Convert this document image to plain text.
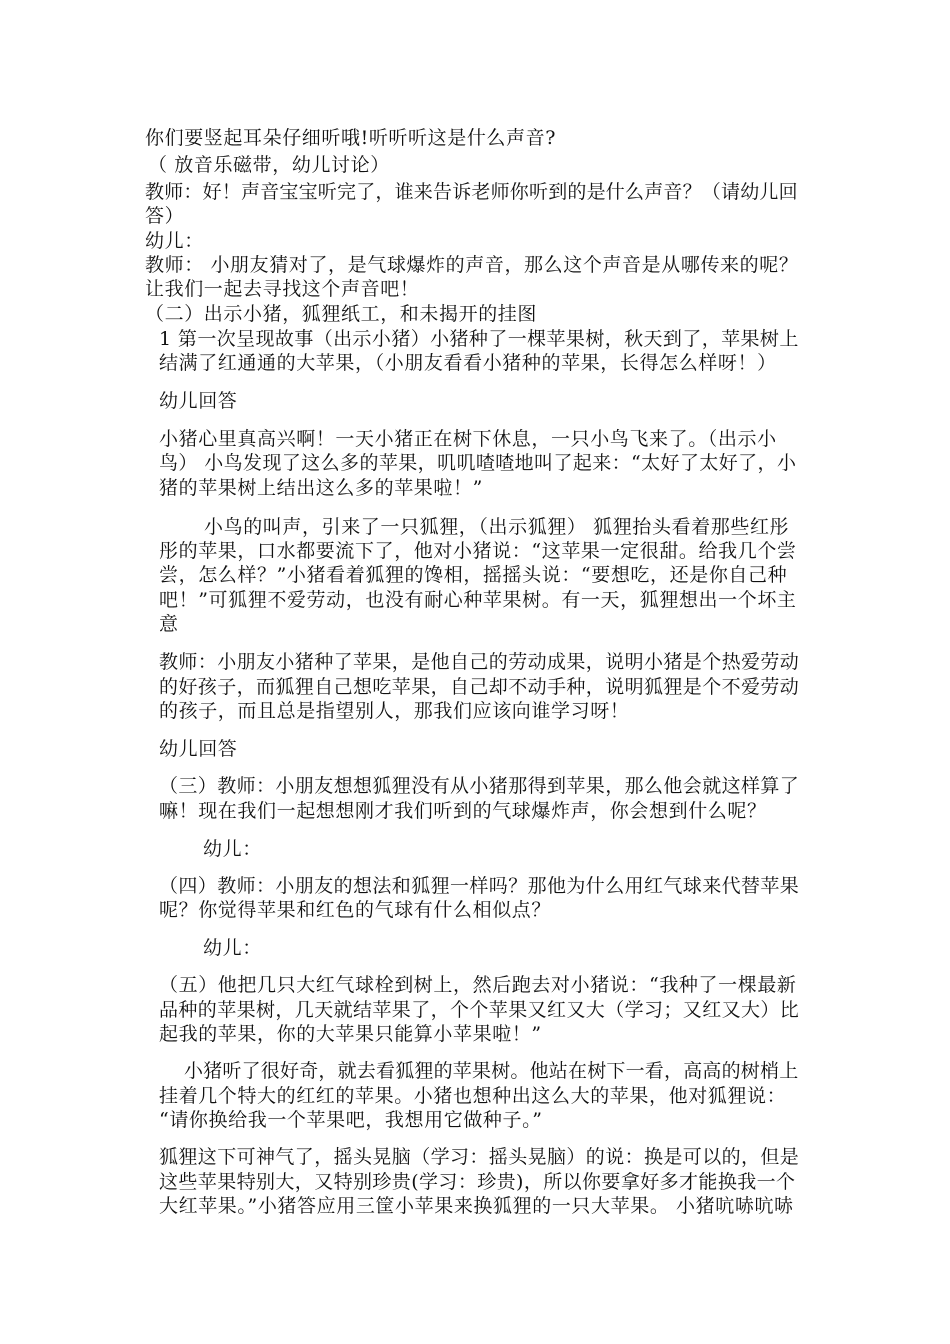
你们要竖起耳朵仔细听哦!听听听这是什么声音?
（ 放音乐磁带，幼儿讨论）
教师：好！声音宝宝听完了，谁来告诉老师你听到的是什么声音？（请幼儿回
答）
幼儿：
教师： 小朋友猜对了，是气球爆炸的声音，那么这个声音是从哪传来的呢？
让我们一起去寻找这个声音吧！
（二）出示小猪，狐狸纸工，和未揭开的挂图
1 第一次呈现故事（出示小猪）小猪种了一棵苹果树，秋天到了，苹果树上
结满了红通通的大苹果，（小朋友看看小猪种的苹果，长得怎么样呀！）
幼儿回答
小猪心里真高兴啊！一天小猪正在树下休息，一只小鸟飞来了。（出示小
鸟） 小鸟发现了这么多的苹果，叽叽喳喳地叫了起来：“太好了太好了，小
猪的苹果树上结出这么多的苹果啦！”
小鸟的叫声，引来了一只狐狸，（出示狐狸） 狐狸抬头看着那些红彤
彤的苹果，口水都要流下了，他对小猪说：“这苹果一定很甜。给我几个尝
尝，怎么样？”小猪看着狐狸的馋相，摇摇头说：“要想吃，还是你自己种
吧！”可狐狸不爱劳动，也没有耐心种苹果树。有一天，狐狸想出一个坏主
意
教师：小朋友小猪种了苹果，是他自己的劳动成果，说明小猪是个热爱劳动
的好孩子，而狐狸自己想吃苹果，自己却不动手种，说明狐狸是个不爱劳动
的孩子，而且总是指望别人，那我们应该向谁学习呀！
幼儿回答
（三）教师：小朋友想想狐狸没有从小猪那得到苹果，那么他会就这样算了
嘛！现在我们一起想想刚才我们听到的气球爆炸声，你会想到什么呢？
幼儿：
（四）教师：小朋友的想法和狐狸一样吗？那他为什么用红气球来代替苹果
呢？你觉得苹果和红色的气球有什么相似点？
幼儿：
（五）他把几只大红气球栓到树上，然后跑去对小猪说：“我种了一棵最新
品种的苹果树，几天就结苹果了，个个苹果又红又大（学习；又红又大）比
起我的苹果，你的大苹果只能算小苹果啦！”
小猪听了很好奇，就去看狐狸的苹果树。他站在树下一看，高高的树梢上
挂着几个特大的红红的苹果。小猪也想种出这么大的苹果，他对狐狸说：
“请你换给我一个苹果吧，我想用它做种子。”
狐狸这下可神气了，摇头晃脑（学习：摇头晃脑）的说：换是可以的，但是
这些苹果特别大，又特别珍贵(学习：珍贵)，所以你要拿好多才能换我一个
大红苹果。”小猪答应用三筐小苹果来换狐狸的一只大苹果。 小猪吭哧吭哧
